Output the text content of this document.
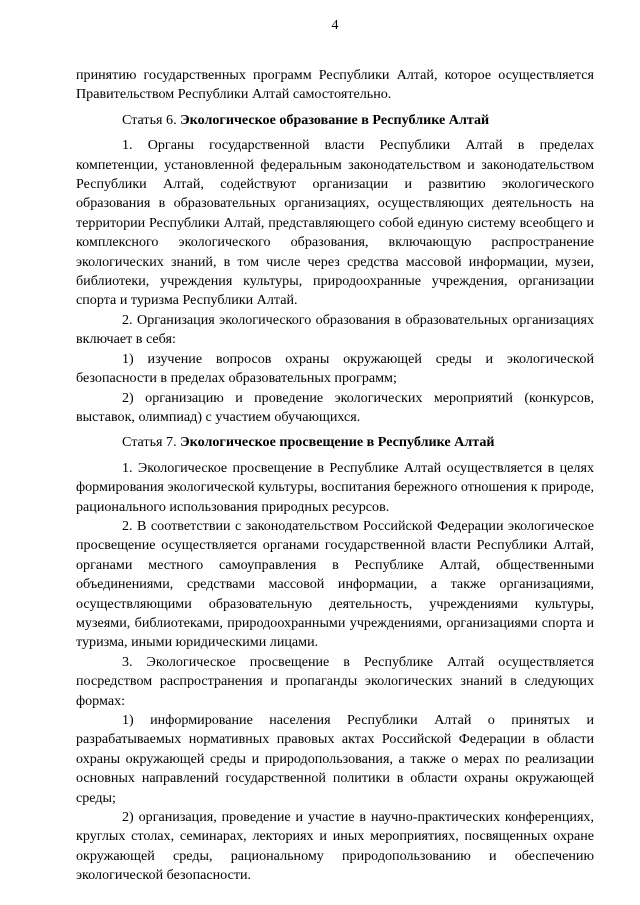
4

принятию государственных программ Республики Алтай, которое осуществляется Правительством Республики Алтай самостоятельно.

Статья 6. Экологическое образование в Республике Алтай

1. Органы государственной власти Республики Алтай в пределах компетенции, установленной федеральным законодательством и законодательством Республики Алтай, содействуют организации и развитию экологического образования в образовательных организациях, осуществляющих деятельность на территории Республики Алтай, представляющего собой единую систему всеобщего и комплексного экологического образования, включающую распространение экологических знаний, в том числе через средства массовой информации, музеи, библиотеки, учреждения культуры, природоохранные учреждения, организации спорта и туризма Республики Алтай.

2. Организация экологического образования в образовательных организациях включает в себя:

1) изучение вопросов охраны окружающей среды и экологической безопасности в пределах образовательных программ;

2) организацию и проведение экологических мероприятий (конкурсов, выставок, олимпиад) с участием обучающихся.

Статья 7. Экологическое просвещение в Республике Алтай

1. Экологическое просвещение в Республике Алтай осуществляется в целях формирования экологической культуры, воспитания бережного отношения к природе, рационального использования природных ресурсов.

2. В соответствии с законодательством Российской Федерации экологическое просвещение осуществляется органами государственной власти Республики Алтай, органами местного самоуправления в Республике Алтай, общественными объединениями, средствами массовой информации, а также организациями, осуществляющими образовательную деятельность, учреждениями культуры, музеями, библиотеками, природоохранными учреждениями, организациями спорта и туризма, иными юридическими лицами.

3. Экологическое просвещение в Республике Алтай осуществляется посредством распространения и пропаганды экологических знаний в следующих формах:

1) информирование населения Республики Алтай о принятых и разрабатываемых нормативных правовых актах Российской Федерации в области охраны окружающей среды и природопользования, а также о мерах по реализации основных направлений государственной политики в области охраны окружающей среды;

2) организация, проведение и участие в научно-практических конференциях, круглых столах, семинарах, лекториях и иных мероприятиях, посвященных охране окружающей среды, рациональному природопользованию и обеспечению экологической безопасности.
